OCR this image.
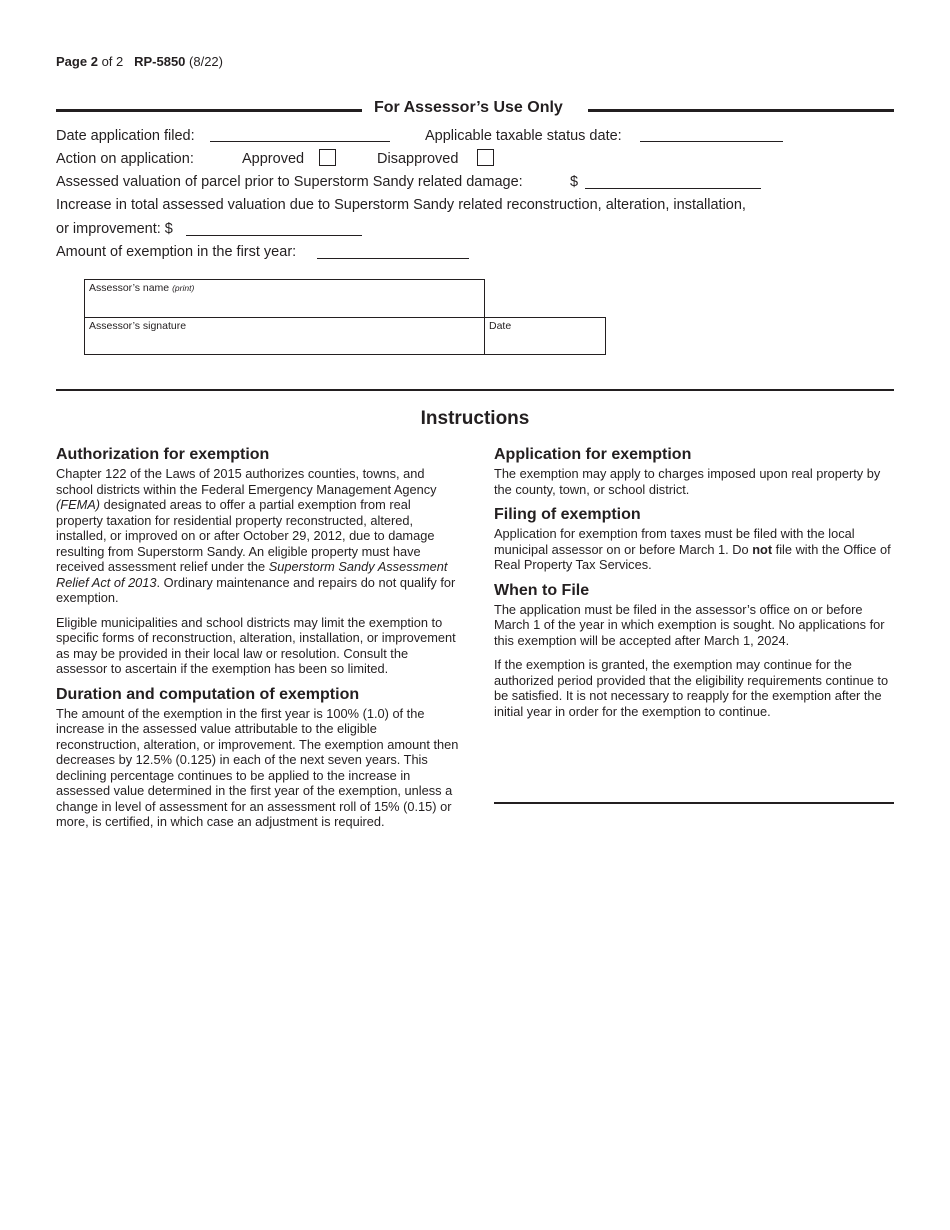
Page 2 of 2 RP-5850 (8/22)
For Assessor’s Use Only
Date application filed:	Applicable taxable status date:
Action on application:	Approved	Disapproved
Assessed valuation of parcel prior to Superstorm Sandy related damage:	$
Increase in total assessed valuation due to Superstorm Sandy related reconstruction, alteration, installation,
or improvement: $
Amount of exemption in the first year:
Assessor’s name (print)
Assessor’s signature	Date
Instructions
Authorization for exemption
Chapter 122 of the Laws of 2015 authorizes counties, towns, and school districts within the Federal Emergency Management Agency (FEMA) designated areas to offer a partial exemption from real property taxation for residential property reconstructed, altered, installed, or improved on or after October 29, 2012, due to damage resulting from Superstorm Sandy. An eligible property must have received assessment relief under the Superstorm Sandy Assessment Relief Act of 2013. Ordinary maintenance and repairs do not qualify for exemption.
Eligible municipalities and school districts may limit the exemption to specific forms of reconstruction, alteration, installation, or improvement as may be provided in their local law or resolution. Consult the assessor to ascertain if the exemption has been so limited.
Duration and computation of exemption
The amount of the exemption in the first year is 100% (1.0) of the increase in the assessed value attributable to the eligible reconstruction, alteration, or improvement. The exemption amount then decreases by 12.5% (0.125) in each of the next seven years. This declining percentage continues to be applied to the increase in assessed value determined in the first year of the exemption, unless a change in level of assessment for an assessment roll of 15% (0.15) or more, is certified, in which case an adjustment is required.
Application for exemption
The exemption may apply to charges imposed upon real property by the county, town, or school district.
Filing of exemption
Application for exemption from taxes must be filed with the local municipal assessor on or before March 1. Do not file with the Office of Real Property Tax Services.
When to File
The application must be filed in the assessor’s office on or before March 1 of the year in which exemption is sought. No applications for this exemption will be accepted after March 1, 2024.
If the exemption is granted, the exemption may continue for the authorized period provided that the eligibility requirements continue to be satisfied. It is not necessary to reapply for the exemption after the initial year in order for the exemption to continue.
